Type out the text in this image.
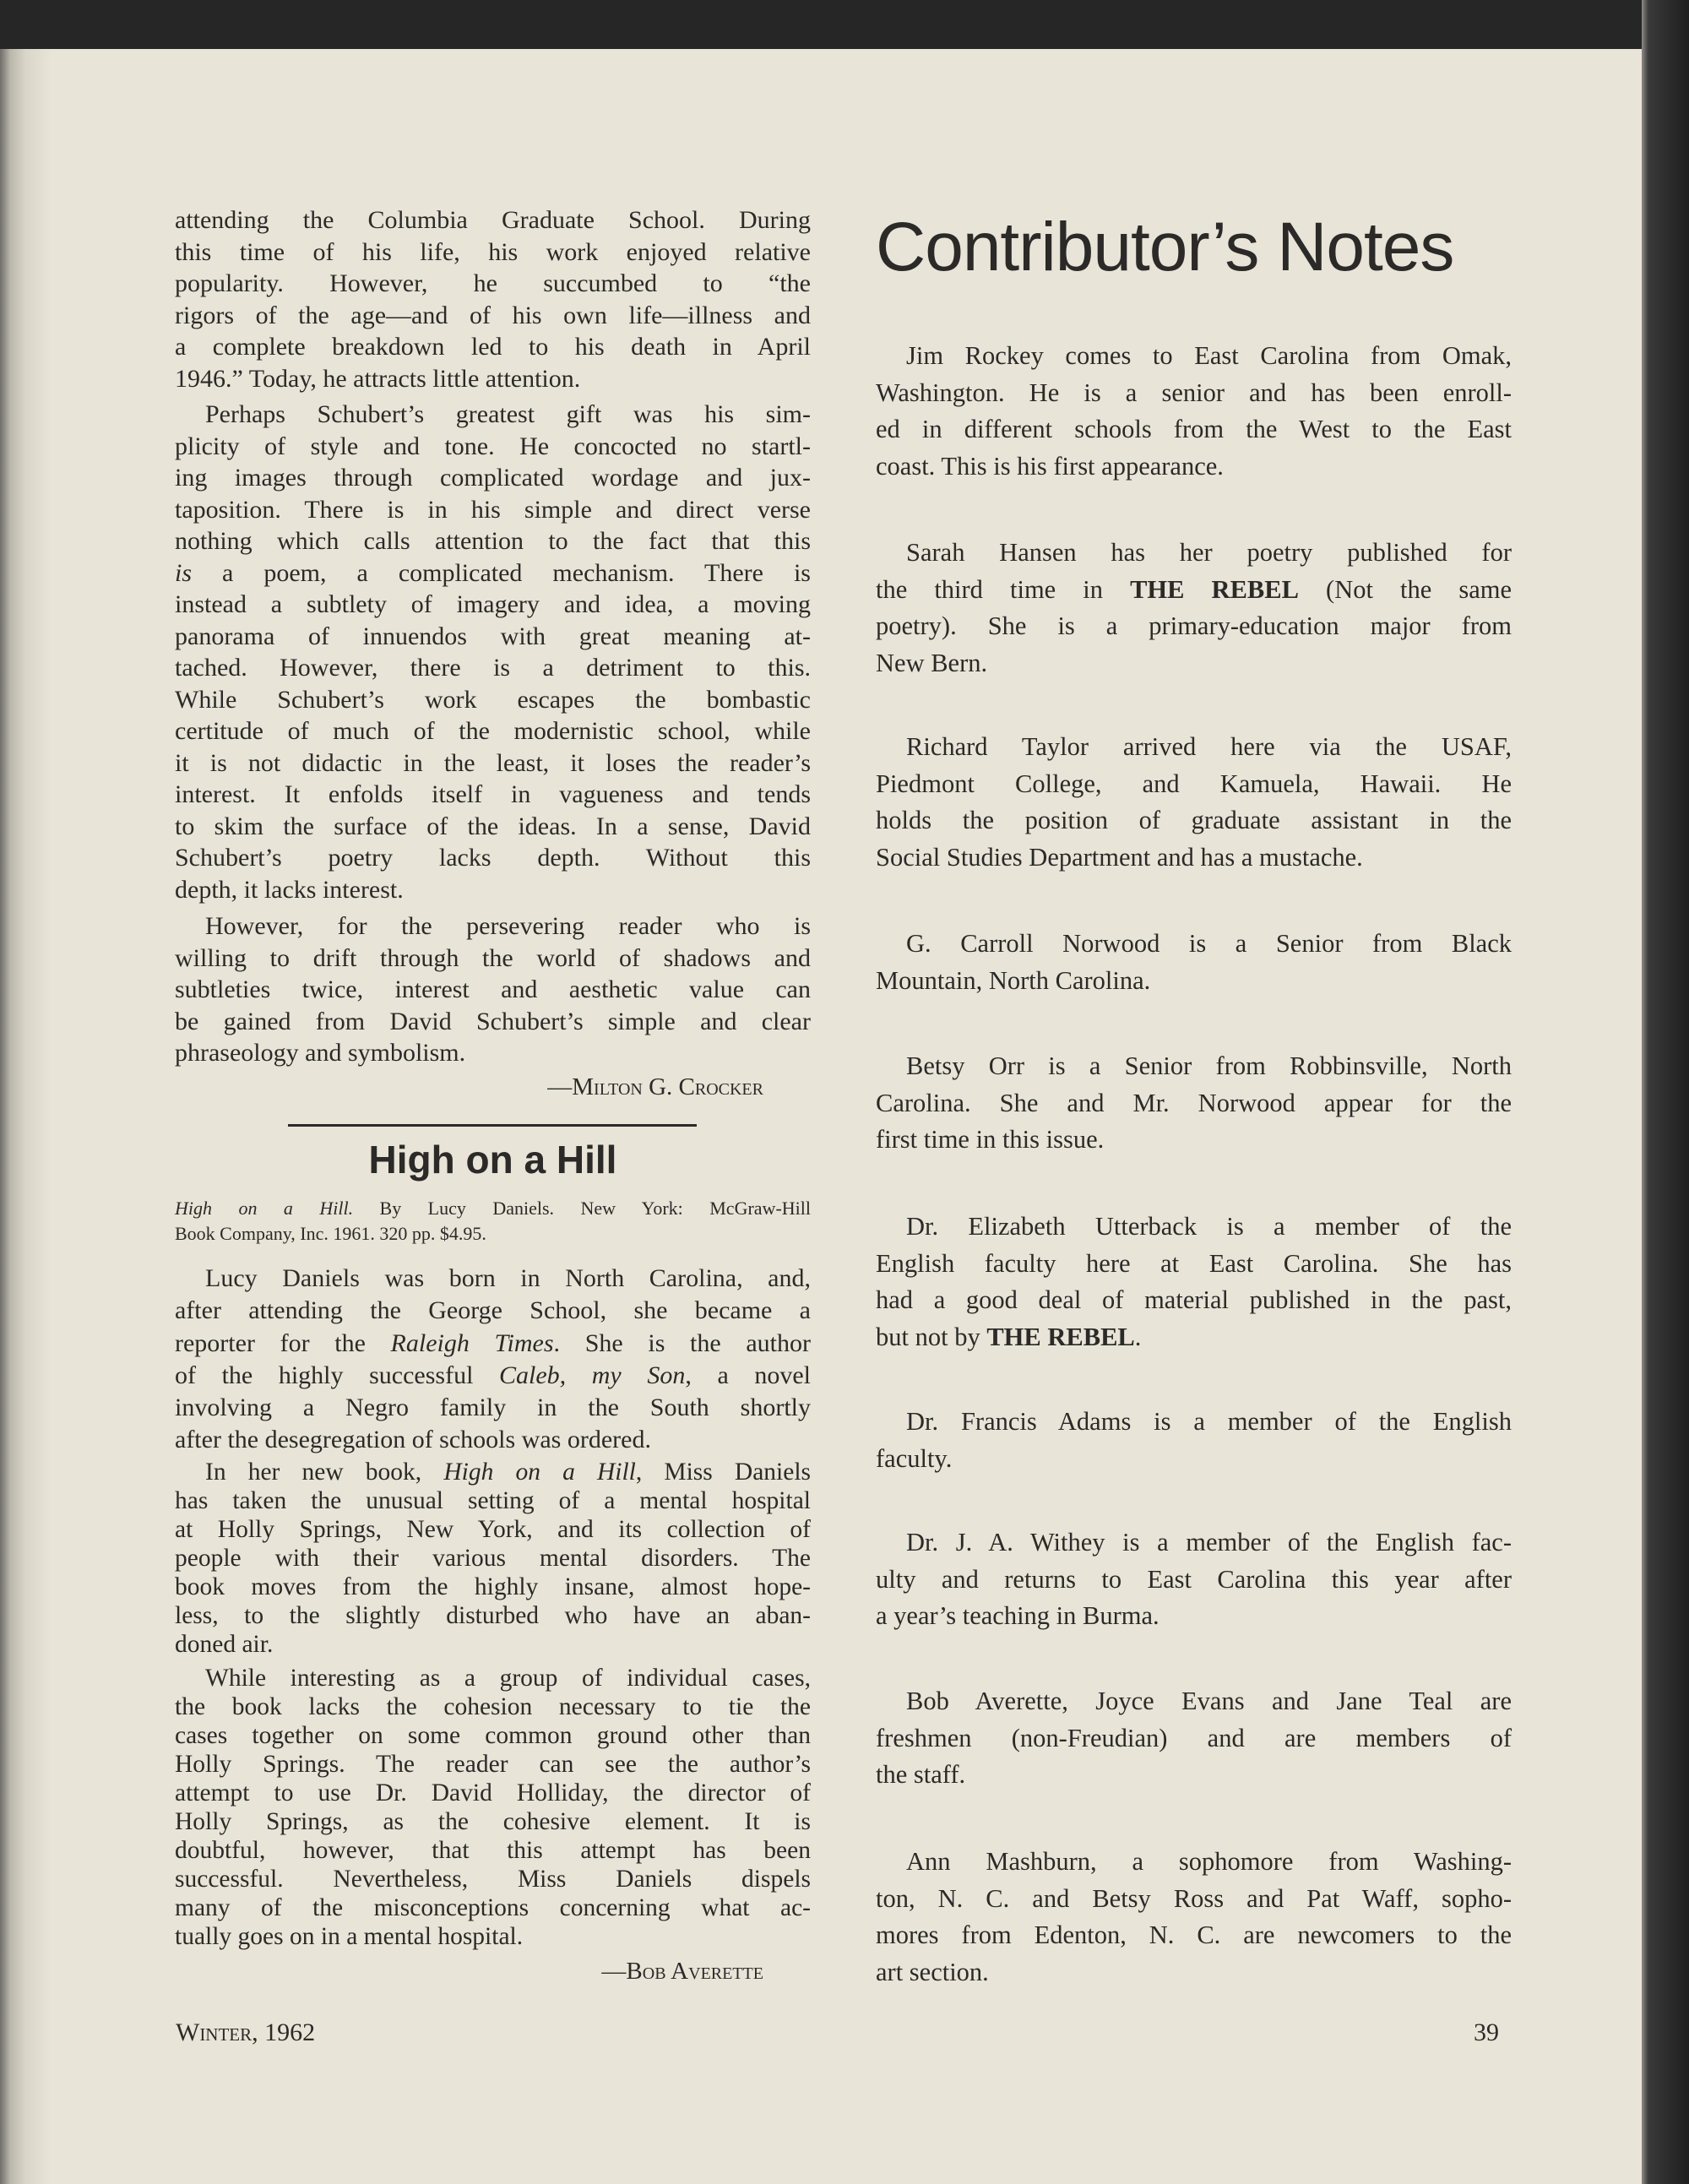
attending the Columbia Graduate School. During
this time of his life, his work enjoyed relative
popularity. However, he succumbed to “the
rigors of the age—and of his own life—illness and
a complete breakdown led to his death in April
1946.” Today, he attracts little attention.
Perhaps Schubert’s greatest gift was his sim-
plicity of style and tone. He concocted no startl-
ing images through complicated wordage and jux-
taposition. There is in his simple and direct verse
nothing which calls attention to the fact that this
is a poem, a complicated mechanism. There is
instead a subtlety of imagery and idea, a moving
panorama of innuendos with great meaning at-
tached. However, there is a detriment to this.
While Schubert’s work escapes the bombastic
certitude of much of the modernistic school, while
it is not didactic in the least, it loses the reader’s
interest. It enfolds itself in vagueness and tends
to skim the surface of the ideas. In a sense, David
Schubert’s poetry lacks depth. Without this
depth, it lacks interest.
However, for the persevering reader who is
willing to drift through the world of shadows and
subtleties twice, interest and aesthetic value can
be gained from David Schubert’s simple and clear
phraseology and symbolism.
—Milton G. Crocker
High on a Hill
High on a Hill. By Lucy Daniels. New York: McGraw-Hill
Book Company, Inc. 1961. 320 pp. $4.95.
Lucy Daniels was born in North Carolina, and,
after attending the George School, she became a
reporter for the Raleigh Times. She is the author
of the highly successful Caleb, my Son, a novel
involving a Negro family in the South shortly
after the desegregation of schools was ordered.
In her new book, High on a Hill, Miss Daniels
has taken the unusual setting of a mental hospital
at Holly Springs, New York, and its collection of
people with their various mental disorders. The
book moves from the highly insane, almost hope-
less, to the slightly disturbed who have an aban-
doned air.
While interesting as a group of individual cases,
the book lacks the cohesion necessary to tie the
cases together on some common ground other than
Holly Springs. The reader can see the author’s
attempt to use Dr. David Holliday, the director of
Holly Springs, as the cohesive element. It is
doubtful, however, that this attempt has been
successful. Nevertheless, Miss Daniels dispels
many of the misconceptions concerning what ac-
tually goes on in a mental hospital.
—Bob Averette
Contributor’s Notes
Jim Rockey comes to East Carolina from Omak,
Washington. He is a senior and has been enroll-
ed in different schools from the West to the East
coast. This is his first appearance.
Sarah Hansen has her poetry published for
the third time in THE REBEL (Not the same
poetry). She is a primary-education major from
New Bern.
Richard Taylor arrived here via the USAF,
Piedmont College, and Kamuela, Hawaii. He
holds the position of graduate assistant in the
Social Studies Department and has a mustache.
G. Carroll Norwood is a Senior from Black
Mountain, North Carolina.
Betsy Orr is a Senior from Robbinsville, North
Carolina. She and Mr. Norwood appear for the
first time in this issue.
Dr. Elizabeth Utterback is a member of the
English faculty here at East Carolina. She has
had a good deal of material published in the past,
but not by THE REBEL.
Dr. Francis Adams is a member of the English
faculty.
Dr. J. A. Withey is a member of the English fac-
ulty and returns to East Carolina this year after
a year’s teaching in Burma.
Bob Averette, Joyce Evans and Jane Teal are
freshmen (non-Freudian) and are members of
the staff.
Ann Mashburn, a sophomore from Washing-
ton, N. C. and Betsy Ross and Pat Waff, sopho-
mores from Edenton, N. C. are newcomers to the
art section.
Winter, 1962	39
